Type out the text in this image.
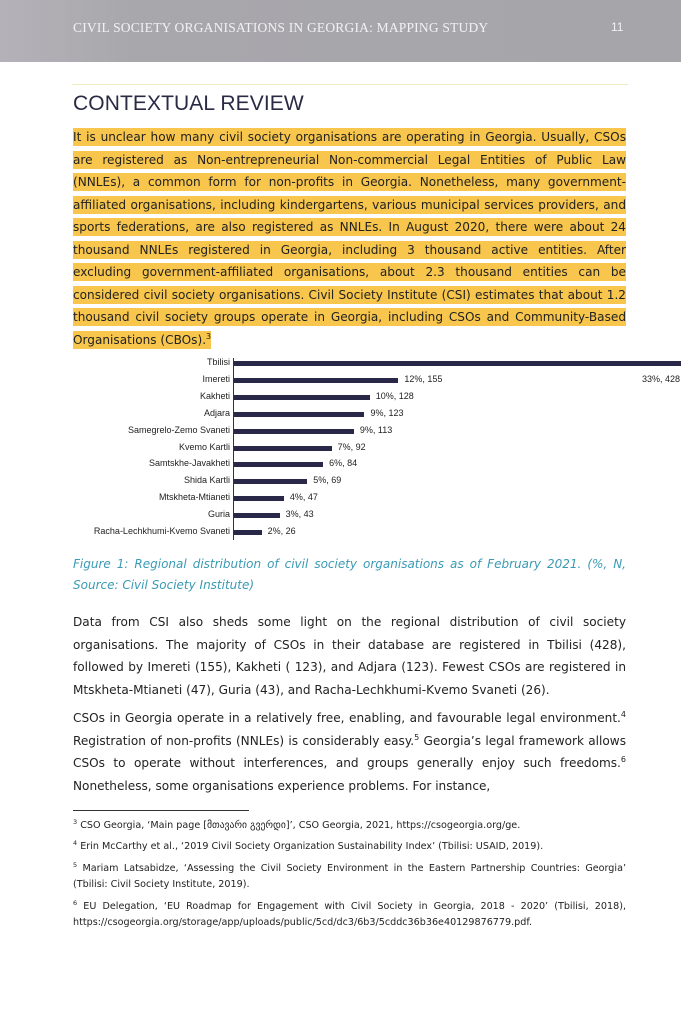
CIVIL SOCIETY ORGANISATIONS IN GEORGIA: MAPPING STUDY	11
CONTEXTUAL REVIEW
It is unclear how many civil society organisations are operating in Georgia. Usually, CSOs are registered as Non-entrepreneurial Non-commercial Legal Entities of Public Law (NNLEs), a common form for non-profits in Georgia. Nonetheless, many government-affiliated organisations, including kindergartens, various municipal services providers, and sports federations, are also registered as NNLEs. In August 2020, there were about 24 thousand NNLEs registered in Georgia, including 3 thousand active entities. After excluding government-affiliated organisations, about 2.3 thousand entities can be considered civil society organisations. Civil Society Institute (CSI) estimates that about 1.2 thousand civil society groups operate in Georgia, including CSOs and Community-Based Organisations (CBOs).$^3$
Tbilisi
33%, 428
Imereti	12%, 155
Kakheti	10%, 128
Adjara	9%, 123
Samegrelo-Zemo Svaneti	9%, 113
Kvemo Kartli	7%, 92
Samtskhe-Javakheti	6%, 84
Shida Kartli	5%, 69
Mtskheta-Mtianeti	4%, 47
Guria	3%, 43
Racha-Lechkhumi-Kvemo Svaneti	2%, 26
Figure 1: Regional distribution of civil society organisations as of February 2021. (%, N, Source: Civil Society Institute)
Data from CSI also sheds some light on the regional distribution of civil society organisations. The majority of CSOs in their database are registered in Tbilisi (428), followed by Imereti (155), Kakheti ( 123), and Adjara (123). Fewest CSOs are registered in Mtskheta-Mtianeti (47), Guria (43), and Racha-Lechkhumi-Kvemo Svaneti (26).
CSOs in Georgia operate in a relatively free, enabling, and favourable legal environment.$^4$ Registration of non-profits (NNLEs) is considerably easy.$^5$ Georgia’s legal framework allows CSOs to operate without interferences, and groups generally enjoy such freedoms.$^6$ Nonetheless, some organisations experience problems. For instance,
$^3$ CSO Georgia, ‘Main page [მთავარი გვერდი]’, CSO Georgia, 2021, https://csogeorgia.org/ge.
$^4$ Erin McCarthy et al., ‘2019 Civil Society Organization Sustainability Index’ (Tbilisi: USAID, 2019).
$^5$ Mariam Latsabidze, ‘Assessing the Civil Society Environment in the Eastern Partnership Countries: Georgia’ (Tbilisi: Civil Society Institute, 2019).
$^6$ EU Delegation, ‘EU Roadmap for Engagement with Civil Society in Georgia, 2018 - 2020’ (Tbilisi, 2018), https://csogeorgia.org/storage/app/uploads/public/5cd/dc3/6b3/5cddc36b36e40129876779.pdf.
